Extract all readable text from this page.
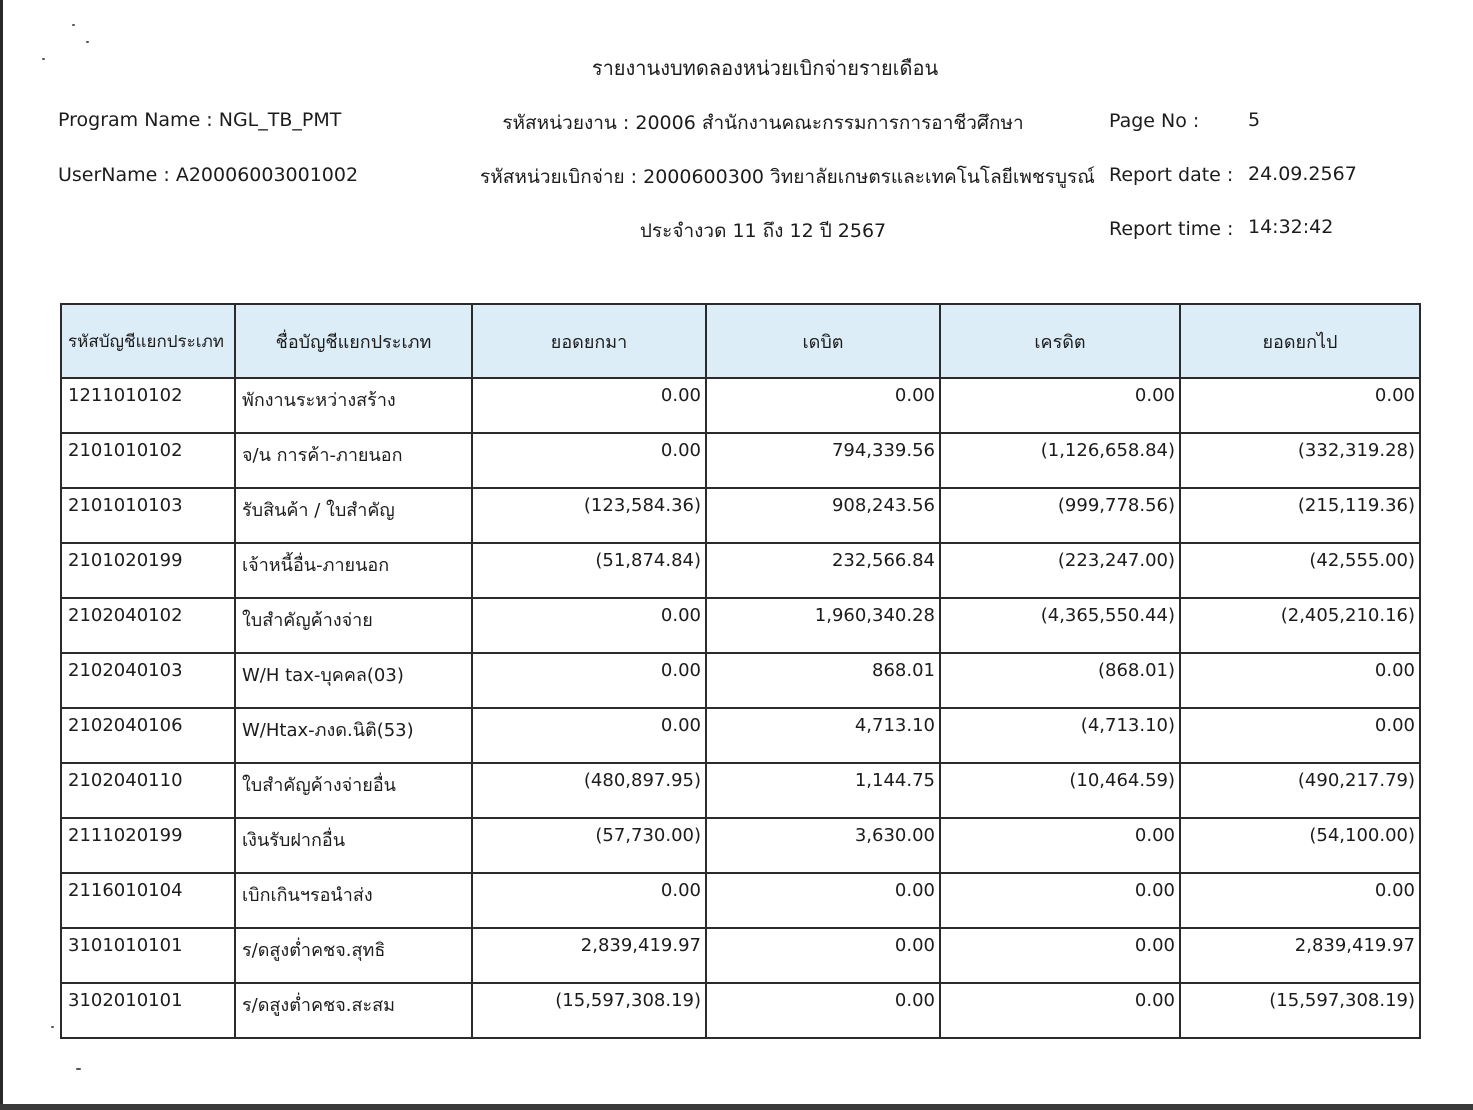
รายงานงบทดลองหน่วยเบิกจ่ายรายเดือน
Program Name : NGL_TB_PMT
UserName : A20006003001002
รหัสหน่วยงาน : 20006 สำนักงานคณะกรรมการการอาชีวศึกษา
รหัสหน่วยเบิกจ่าย : 2000600300 วิทยาลัยเกษตรและเทคโนโลยีเพชรบูรณ์
ประจำงวด 11 ถึง 12 ปี 2567
Page No :	5
Report date : 24.09.2567
Report time : 14:32:42
รหัสบัญชีแยกประเภท	ชื่อบัญชีแยกประเภท	ยอดยกมา	เดบิต	เครดิต	ยอดยกไป
1211010102	พักงานระหว่างสร้าง	0.00	0.00	0.00	0.00
2101010102	จ/น การค้า-ภายนอก	0.00	794,339.56	(1,126,658.84)	(332,319.28)
2101010103	รับสินค้า / ใบสำคัญ	(123,584.36)	908,243.56	(999,778.56)	(215,119.36)
2101020199	เจ้าหนี้อื่น-ภายนอก	(51,874.84)	232,566.84	(223,247.00)	(42,555.00)
2102040102	ใบสำคัญค้างจ่าย	0.00	1,960,340.28	(4,365,550.44)	(2,405,210.16)
2102040103	W/H tax-บุคคล(03)	0.00	868.01	(868.01)	0.00
2102040106	W/Htax-ภงด.นิติ(53)	0.00	4,713.10	(4,713.10)	0.00
2102040110	ใบสำคัญค้างจ่ายอื่น	(480,897.95)	1,144.75	(10,464.59)	(490,217.79)
2111020199	เงินรับฝากอื่น	(57,730.00)	3,630.00	0.00	(54,100.00)
2116010104	เบิกเกินฯรอนำส่ง	0.00	0.00	0.00	0.00
3101010101	ร/ดสูงต่ำคชจ.สุทธิ	2,839,419.97	0.00	0.00	2,839,419.97
3102010101	ร/ดสูงต่ำคชจ.สะสม	(15,597,308.19)	0.00	0.00	(15,597,308.19)
